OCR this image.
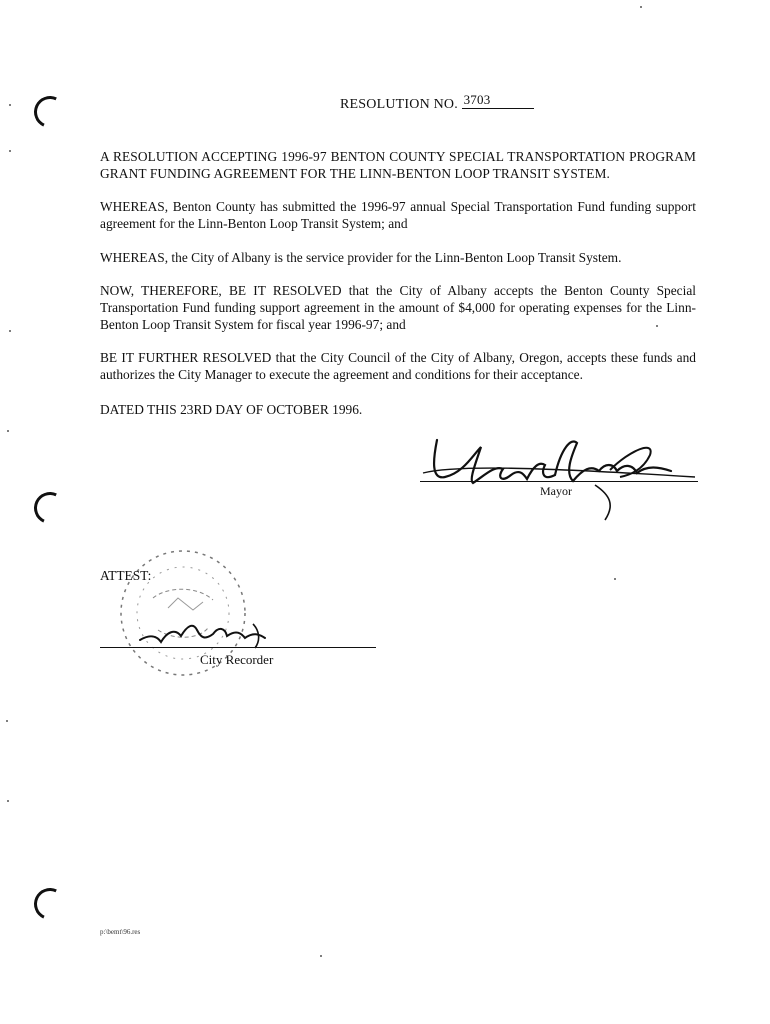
RESOLUTION NO. 3703
A RESOLUTION ACCEPTING 1996-97 BENTON COUNTY SPECIAL TRANSPORTATION PROGRAM GRANT FUNDING AGREEMENT FOR THE LINN-BENTON LOOP TRANSIT SYSTEM.
WHEREAS, Benton County has submitted the 1996-97 annual Special Transportation Fund funding support agreement for the Linn-Benton Loop Transit System; and
WHEREAS, the City of Albany is the service provider for the Linn-Benton Loop Transit System.
NOW, THEREFORE, BE IT RESOLVED that the City of Albany accepts the Benton County Special Transportation Fund funding support agreement in the amount of $4,000 for operating expenses for the Linn-Benton Loop Transit System for fiscal year 1996-97; and
BE IT FURTHER RESOLVED that the City Council of the City of Albany, Oregon, accepts these funds and authorizes the City Manager to execute the agreement and conditions for their acceptance.
DATED THIS 23RD DAY OF OCTOBER 1996.
Mayor
ATTEST:
City Recorder
p:\bemt\96.res
